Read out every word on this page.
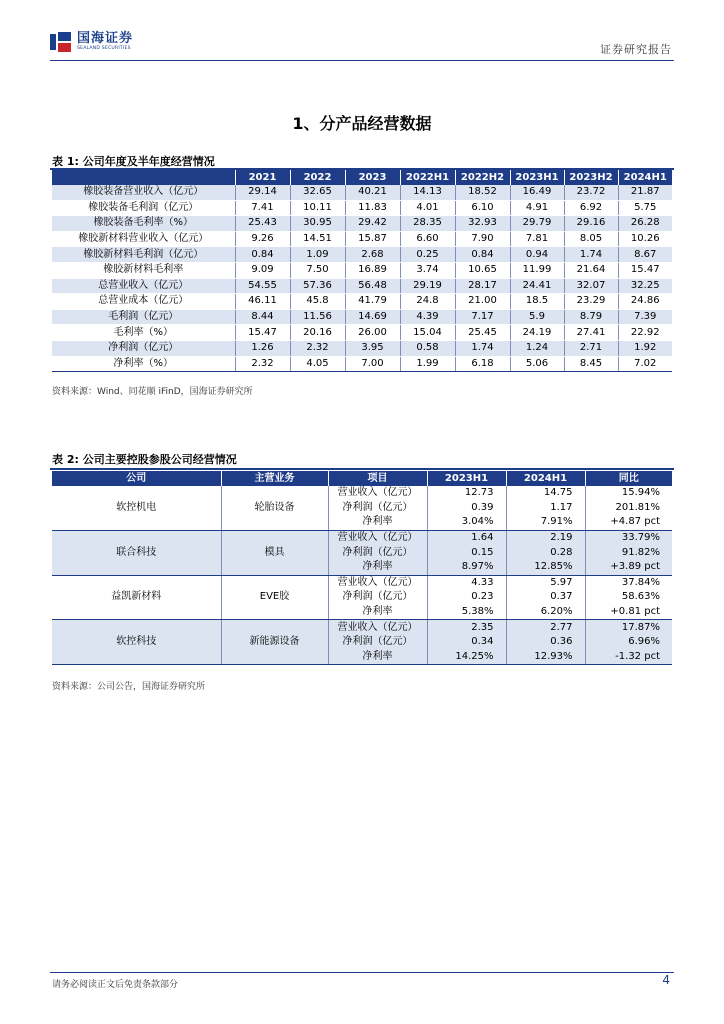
国海证券
SEALAND SECURITIES	证券研究报告
1、分产品经营数据
表 1: 公司年度及半年度经营情况
	2021	2022	2023	2022H1	2022H2	2023H1	2023H2	2024H1
橡胶装备营业收入（亿元）	29.14	32.65	40.21	14.13	18.52	16.49	23.72	21.87
橡胶装备毛利润（亿元）	7.41	10.11	11.83	4.01	6.10	4.91	6.92	5.75
橡胶装备毛利率（%）	25.43	30.95	29.42	28.35	32.93	29.79	29.16	26.28
橡胶新材料营业收入（亿元）	9.26	14.51	15.87	6.60	7.90	7.81	8.05	10.26
橡胶新材料毛利润（亿元）	0.84	1.09	2.68	0.25	0.84	0.94	1.74	8.67
橡胶新材料毛利率	9.09	7.50	16.89	3.74	10.65	11.99	21.64	15.47
总营业收入（亿元）	54.55	57.36	56.48	29.19	28.17	24.41	32.07	32.25
总营业成本（亿元）	46.11	45.8	41.79	24.8	21.00	18.5	23.29	24.86
毛利润（亿元）	8.44	11.56	14.69	4.39	7.17	5.9	8.79	7.39
毛利率（%）	15.47	20.16	26.00	15.04	25.45	24.19	27.41	22.92
净利润（亿元）	1.26	2.32	3.95	0.58	1.74	1.24	2.71	1.92
净利率（%）	2.32	4.05	7.00	1.99	6.18	5.06	8.45	7.02
资料来源：Wind、同花顺 iFinD，国海证券研究所
表 2: 公司主要控股参股公司经营情况
公司	主营业务	项目	2023H1	2024H1	同比
软控机电	轮胎设备	营业收入（亿元）	12.73	14.75	15.94%
		净利润（亿元）	0.39	1.17	201.81%
		净利率	3.04%	7.91%	+4.87 pct
联合科技	模具	营业收入（亿元）	1.64	2.19	33.79%
		净利润（亿元）	0.15	0.28	91.82%
		净利率	8.97%	12.85%	+3.89 pct
益凯新材料	EVE胶	营业收入（亿元）	4.33	5.97	37.84%
		净利润（亿元）	0.23	0.37	58.63%
		净利率	5.38%	6.20%	+0.81 pct
软控科技	新能源设备	营业收入（亿元）	2.35	2.77	17.87%
		净利润（亿元）	0.34	0.36	6.96%
		净利率	14.25%	12.93%	-1.32 pct
资料来源：公司公告，国海证券研究所
请务必阅读正文后免责条款部分	4
